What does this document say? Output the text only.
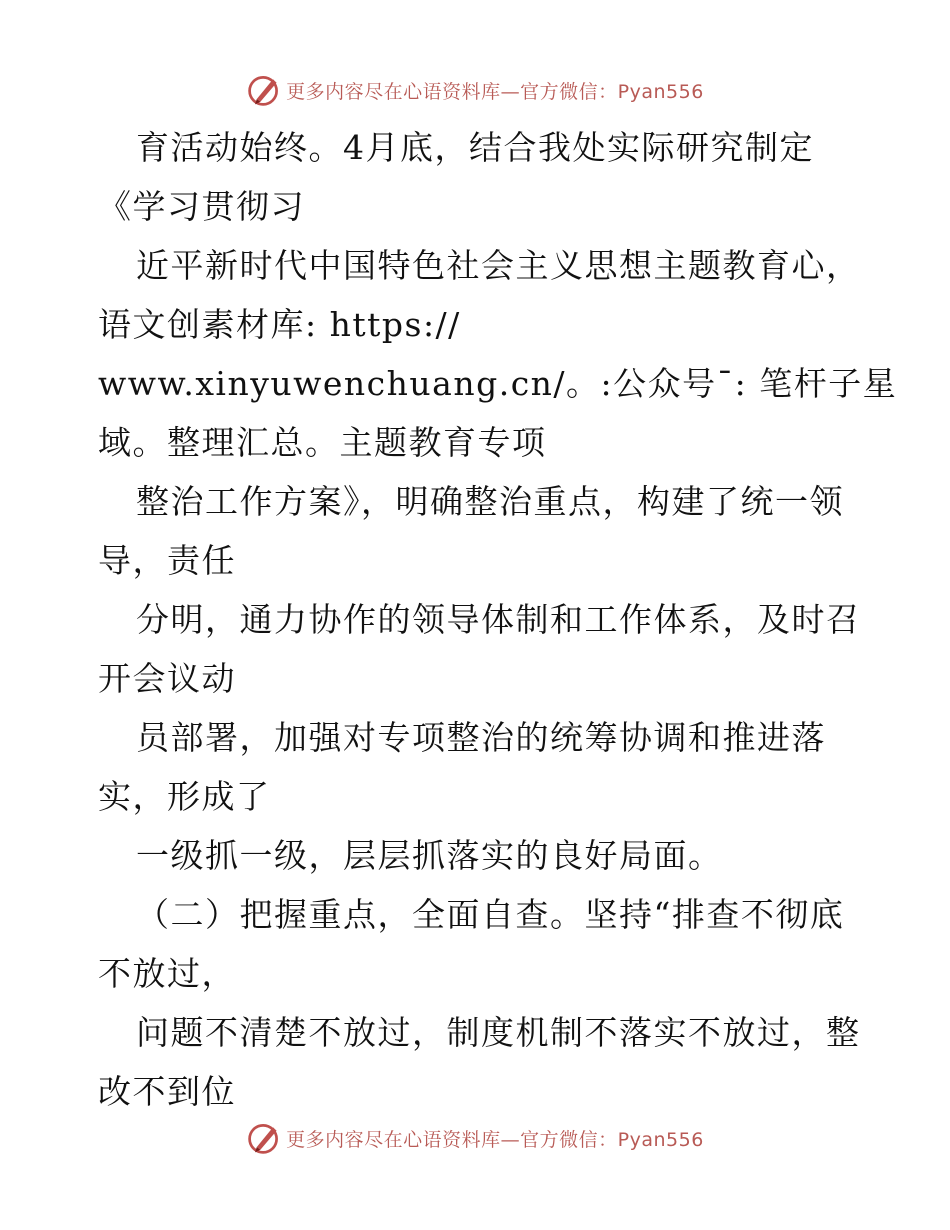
更多内容尽在心语资料库—官方微信：Pyan556
育活动始终。4月底，结合我处实际研究制定
《学习贯彻习
近平新时代中国特色社会主义思想主题教育心，
语文创素材库: https://
www.xinyuwenchuang.cn/。:公众号¯: 笔杆子星
域。整理汇总。主题教育专项
整治工作方案》，明确整治重点，构建了统一领
导，责任
分明，通力协作的领导体制和工作体系，及时召
开会议动
员部署，加强对专项整治的统筹协调和推进落
实，形成了
一级抓一级，层层抓落实的良好局面。
（二）把握重点，全面自查。坚持“排查不彻底
不放过，
问题不清楚不放过，制度机制不落实不放过，整
改不到位
更多内容尽在心语资料库—官方微信：Pyan556
